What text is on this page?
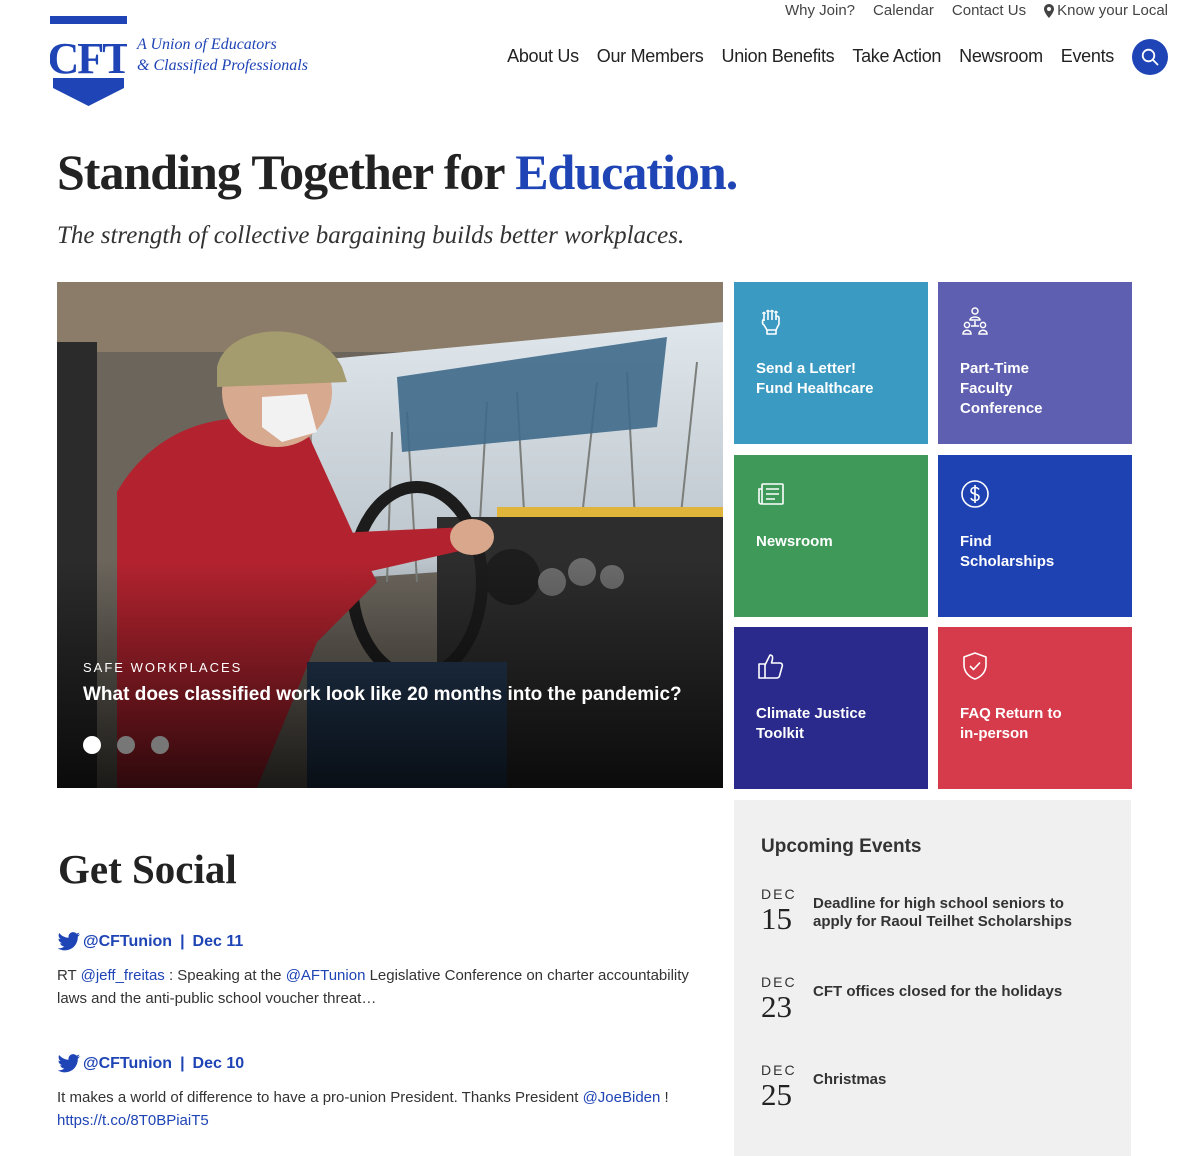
Why Join? Calendar Contact Us Know your Local
CFT A Union of Educators
& Classified Professionals	About Us Our Members Union Benefits Take Action Newsroom Events
Standing Together for Education.
The strength of collective bargaining builds better workplaces.
SAFE WORKPLACES
What does classified work look like 20 months into the pandemic?
Send a Letter! Fund Healthcare
Part-Time Faculty Conference
Newsroom	Find Scholarships
Climate Justice Toolkit
FAQ Return to in-person
Get Social
@CFTunion | Dec 11
RT @jeff_freitas : Speaking at the @AFTunion Legislative Conference on charter accountability laws and the anti-public school voucher threat…
@CFTunion | Dec 10
It makes a world of difference to have a pro-union President. Thanks President @JoeBiden !
https://t.co/8T0BPiaiT5
Upcoming Events
DEC
15	Deadline for high school seniors to apply for Raoul Teilhet Scholarships
DEC
23	CFT offices closed for the holidays
DEC
25	Christmas
